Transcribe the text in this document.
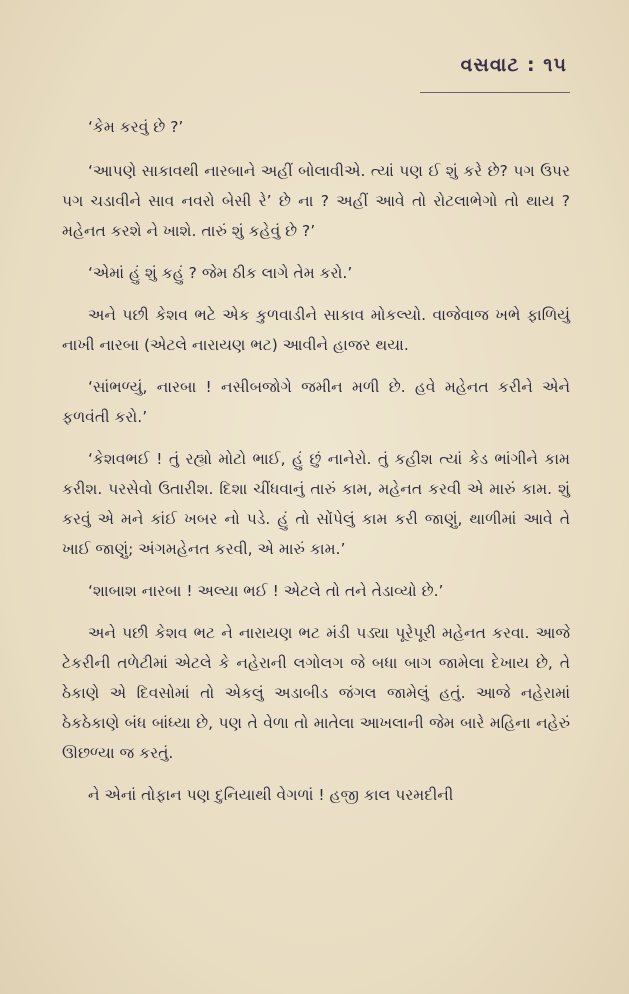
વસવાટ : ૧૫

‘કેમ કરવું છે ?’

‘આપણે સાકાવથી નારબાને અહીં બોલાવીએ. ત્યાં પણ ઈ શું કરે છે? પગ ઉપર પગ ચડાવીને સાવ નવરો બેસી રે’ છે ના ? અહીં આવે તો રોટલાભેગો તો થાય ? મહેનત કરશે ને ખાશે. તારું શું કહેવું છે ?’

‘એમાં હું શું કહું ? જેમ ઠીક લાગે તેમ કરો.’

અને પછી કેશવ ભટે એક કુળવાડીને સાકાવ મોકલ્યો. વાજેવાજ ખભે ફાળિયું નાખી નારબા (એટલે નારાયણ ભટ) આવીને હાજર થયા.

‘સાંભળ્યું, નારબા ! નસીબજોગે જમીન મળી છે. હવે મહેનત કરીને એને ફળવંતી કરો.’

‘કેશવભઈ ! તું રહ્યો મોટો ભાઈ, હું છું નાનેરો. તું કહીશ ત્યાં કેડ ભાંગીને કામ કરીશ. પરસેવો ઉતારીશ. દિશા ચીંધવાનું તારું કામ, મહેનત કરવી એ મારું કામ. શું કરવું એ મને કાંઈ ખબર નો પડે. હું તો સોંપેલું કામ કરી જાણું, થાળીમાં આવે તે ખાઈ જાણું; અંગમહેનત કરવી, એ મારું કામ.’

‘શાબાશ નારબા ! અલ્યા ભઈ ! એટલે તો તને તેડાવ્યો છે.’

અને પછી કેશવ ભટ ને નારાયણ ભટ મંડી પડ્યા પૂરેપૂરી મહેનત કરવા. આજે ટેકરીની તળેટીમાં એટલે કે નહેરાની લગોલગ જે બધા બાગ જામેલા દેખાય છે, તે ઠેકાણે એ દિવસોમાં તો એકલું અડાબીડ જંગલ જામેલું હતું. આજે નહેરામાં ઠેકઠેકાણે બંધ બાંધ્યા છે, પણ તે વેળા તો માતેલા આખલાની જેમ બારે મહિના નહેરું ઊછળ્યા જ કરતું.

ને એનાં તોફાન પણ દુનિયાથી વેગળાં ! હજી કાલ પરમદીની
